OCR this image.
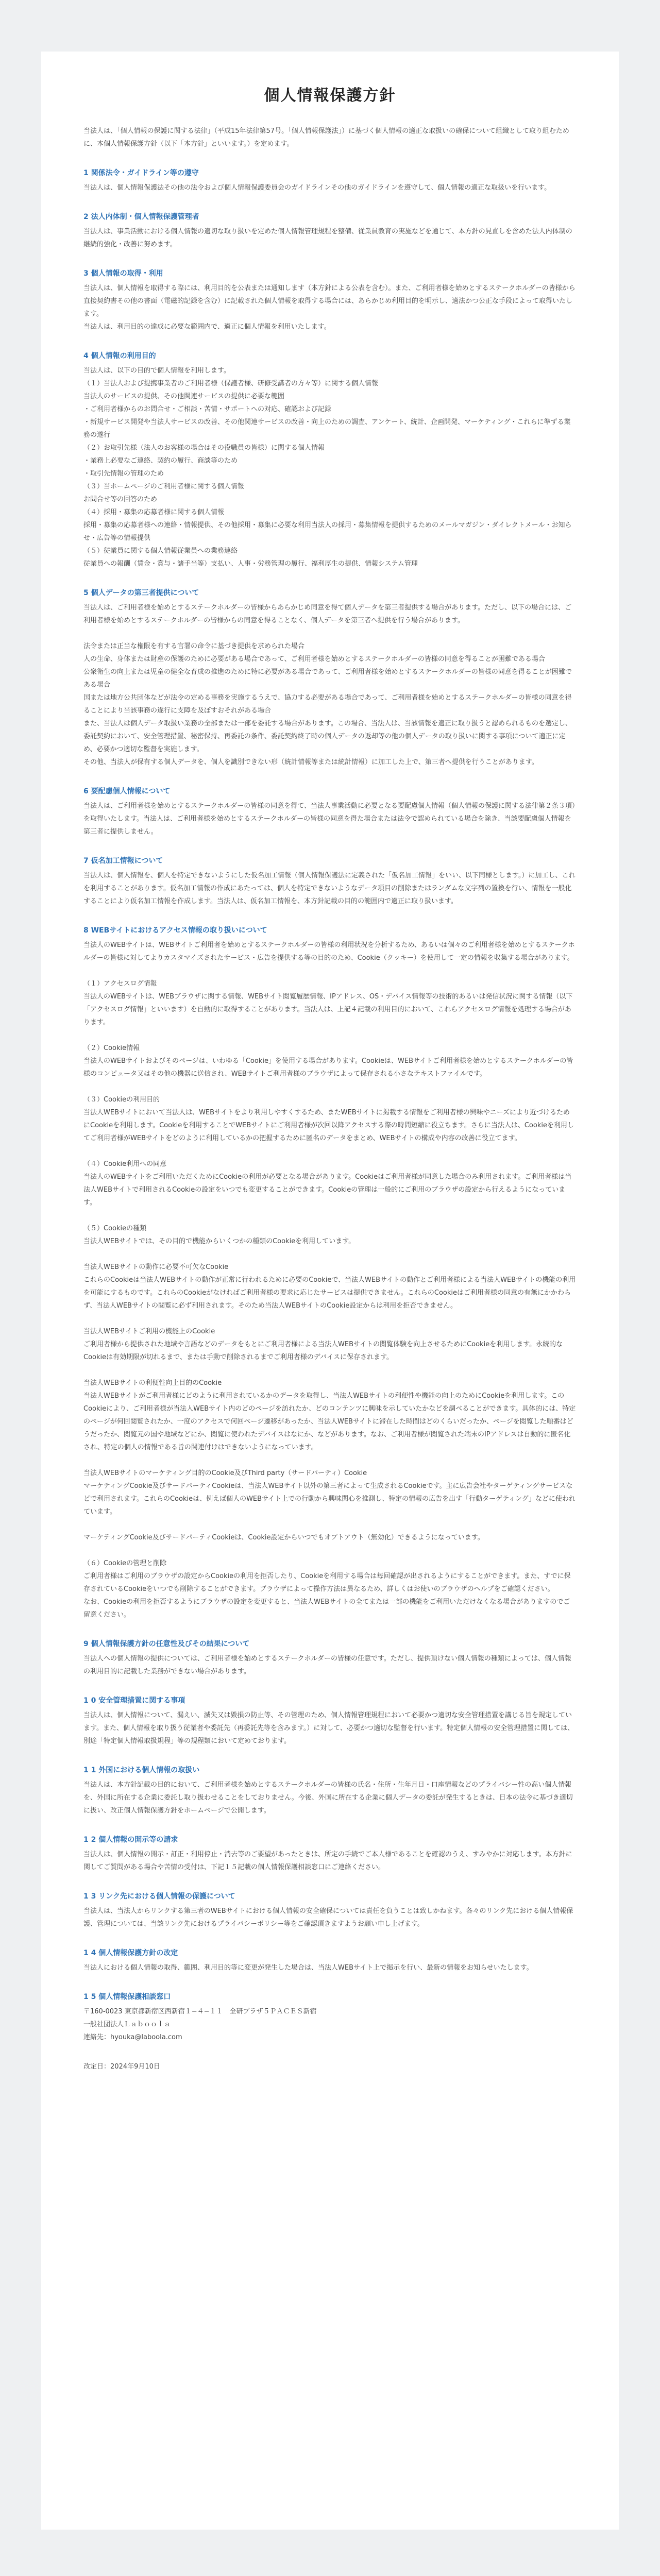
個人情報保護方針

当法人は、「個人情報の保護に関する法律」（平成15年法律第57号。「個人情報保護法」）に基づく個人情報の適正な取扱いの確保について組織として取り組むために、本個人情報保護方針（以下「本方針」といいます。）を定めます。

1 関係法令・ガイドライン等の遵守

当法人は、個人情報保護法その他の法令および個人情報保護委員会のガイドラインその他のガイドラインを遵守して、個人情報の適正な取扱いを行います。

2 法人内体制・個人情報保護管理者

当法人は、事業活動における個人情報の適切な取り扱いを定めた個人情報管理規程を整備、従業員教育の実施などを通じて、本方針の見直しを含めた法人内体制の継続的強化・改善に努めます。

3 個人情報の取得・利用

当法人は、個人情報を取得する際には、利用目的を公表または通知します（本方針による公表を含む）。また、ご利用者様を始めとするステークホルダーの皆様から直接契約書その他の書面（電磁的記録を含む）に記載された個人情報を取得する場合には、あらかじめ利用目的を明示し、適法かつ公正な手段によって取得いたします。

当法人は、利用目的の達成に必要な範囲内で、適正に個人情報を利用いたします。

4 個人情報の利用目的

当法人は、以下の目的で個人情報を利用します。

（１）当法人および提携事業者のご利用者様（保護者様、研修受講者の方々等）に関する個人情報

当法人のサービスの提供、その他関連サービスの提供に必要な範囲

・ご利用者様からのお問合せ・ご相談・苦情・サポートへの対応、確認および記録

・新規サービス開発や当法人サービスの改善、その他関連サービスの改善・向上のための調査、アンケート、統計、企画開発、マーケティング・これらに準ずる業務の遂行

（２）お取引先様（法人のお客様の場合はその役職員の皆様）に関する個人情報

・業務上必要なご連絡、契約の履行、商談等のため

・取引先情報の管理のため

（３）当ホームページのご利用者様に関する個人情報

お問合せ等の回答のため

（４）採用・募集の応募者様に関する個人情報

採用・募集の応募者様への連絡・情報提供、その他採用・募集に必要な利用当法人の採用・募集情報を提供するためのメールマガジン・ダイレクトメール・お知らせ・広告等の情報提供

（５）従業員に関する個人情報従業員への業務連絡

従業員への報酬（賃金・賞与・諸手当等）支払い、人事・労務管理の履行、福利厚生の提供、情報システム管理

5 個人データの第三者提供について

当法人は、ご利用者様を始めとするステークホルダーの皆様からあらかじめ同意を得て個人データを第三者提供する場合があります。ただし、以下の場合には、ご利用者様を始めとするステークホルダーの皆様からの同意を得ることなく、個人データを第三者へ提供を行う場合があります。

法令または正当な権限を有する官署の命令に基づき提供を求められた場合

人の生命、身体または財産の保護のために必要がある場合であって、ご利用者様を始めとするステークホルダーの皆様の同意を得ることが困難である場合

公衆衛生の向上または児童の健全な育成の推進のために特に必要がある場合であって、ご利用者様を始めとするステークホルダーの皆様の同意を得ることが困難である場合

国または地方公共団体などが法令の定める事務を実施するうえで、協力する必要がある場合であって、ご利用者様を始めとするステークホルダーの皆様の同意を得ることにより当該事務の遂行に支障を及ぼすおそれがある場合

また、当法人は個人データ取扱い業務の全部または一部を委託する場合があります。この場合、当法人は、当該情報を適正に取り扱うと認められるものを選定し、委託契約において、安全管理措置、秘密保持、再委託の条件、委託契約終了時の個人データの返却等の他の個人データの取り扱いに関する事項について適正に定め、必要かつ適切な監督を実施します。

その他、当法人が保有する個人データを、個人を識別できない形（統計情報等または統計情報）に加工した上で、第三者へ提供を行うことがあります。

6 要配慮個人情報について

当法人は、ご利用者様を始めとするステークホルダーの皆様の同意を得て、当法人事業活動に必要となる要配慮個人情報（個人情報の保護に関する法律第２条３項）を取得いたします。当法人は、ご利用者様を始めとするステークホルダーの皆様の同意を得た場合または法令で認められている場合を除き、当該要配慮個人情報を第三者に提供しません。

7 仮名加工情報について

当法人は、個人情報を、個人を特定できないようにした仮名加工情報（個人情報保護法に定義された「仮名加工情報」をいい、以下同様とします。）に加工し、これを利用することがあります。仮名加工情報の作成にあたっては、個人を特定できないようなデータ項目の削除またはランダムな文字列の置換を行い、情報を一般化することにより仮名加工情報を作成します。当法人は、仮名加工情報を、本方針記載の目的の範囲内で適正に取り扱います。

8 WEBサイトにおけるアクセス情報の取り扱いについて

当法人のWEBサイトは、WEBサイトご利用者を始めとするステークホルダーの皆様の利用状況を分析するため、あるいは個々のご利用者様を始めとするステークホルダーの皆様に対してよりカスタマイズされたサービス・広告を提供する等の目的のため、Cookie（クッキー）を使用して一定の情報を収集する場合があります。

（１）アクセスログ情報

当法人のWEBサイトは、WEBブラウザに関する情報、WEBサイト閲覧履歴情報、IPアドレス、OS・デバイス情報等の技術的あるいは発信状況に関する情報（以下「アクセスログ情報」といいます）を自動的に取得することがあります。当法人は、上記４記載の利用目的において、これらアクセスログ情報を処理する場合があります。

（２）Cookie情報

当法人のWEBサイトおよびそのページは、いわゆる「Cookie」を使用する場合があります。Cookieは、WEBサイトご利用者様を始めとするステークホルダーの皆様のコンピュータ又はその他の機器に送信され、WEBサイトご利用者様のブラウザによって保存される小さなテキストファイルです。

（３）Cookieの利用目的

当法人WEBサイトにおいて当法人は、WEBサイトをより利用しやすくするため、またWEBサイトに掲載する情報をご利用者様の興味やニーズにより近づけるためにCookieを利用します。Cookieを利用することでWEBサイトにご利用者様が次回以降アクセスする際の時間短縮に役立ちます。さらに当法人は、Cookieを利用してご利用者様がWEBサイトをどのように利用しているかの把握するために匿名のデータをまとめ、WEBサイトの構成や内容の改善に役立てます。

（４）Cookie利用への同意

当法人のWEBサイトをご利用いただくためにCookieの利用が必要となる場合があります。Cookieはご利用者様が同意した場合のみ利用されます。ご利用者様は当法人WEBサイトで利用されるCookieの設定をいつでも変更することができます。Cookieの管理は一般的にご利用のブラウザの設定から行えるようになっています。

（５）Cookieの種類

当法人WEBサイトでは、その目的で機能からいくつかの種類のCookieを利用しています。

当法人WEBサイトの動作に必要不可欠なCookie

これらのCookieは当法人WEBサイトの動作が正常に行われるために必要のCookieで、当法人WEBサイトの動作とご利用者様による当法人WEBサイトの機能の利用を可能にするものです。これらのCookieがなければご利用者様の要求に応じたサービスは提供できません。これらのCookieはご利用者様の同意の有無にかかわらず、当法人WEBサイトの閲覧に必ず利用されます。そのため当法人WEBサイトのCookie設定からは利用を拒否できません。

当法人WEBサイトご利用の機能上のCookie

ご利用者様から提供された地域や言語などのデータをもとにご利用者様による当法人WEBサイトの閲覧体験を向上させるためにCookieを利用します。永続的なCookieは有効期限が切れるまで、または手動で削除されるまでご利用者様のデバイスに保存されます。

当法人WEBサイトの利便性向上目的のCookie

当法人WEBサイトがご利用者様にどのように利用されているかのデータを取得し、当法人WEBサイトの利便性や機能の向上のためにCookieを利用します。このCookieにより、ご利用者様が当法人WEBサイト内のどのページを訪れたか、どのコンテンツに興味を示していたかなどを調べることができます。具体的には、特定のページが何回閲覧されたか、一度のアクセスで何回ページ遷移があったか、当法人WEBサイトに滞在した時間はどのくらいだったか、ページを閲覧した順番はどうだったか、閲覧元の国や地域などにか、閲覧に使われたデバイスはなにか、などがあります。なお、ご利用者様が閲覧された端末のIPアドレスは自動的に匿名化され、特定の個人の情報である旨の関連付けはできないようになっています。

当法人WEBサイトのマーケティング目的のCookie及びThird party（サードパーティ）Cookie

マーケティングCookie及びサードパーティCookieは、当法人WEBサイト以外の第三者によって生成されるCookieです。主に広告会社やターゲティングサービスなどで利用されます。これらのCookieは、例えば個人のWEBサイト上での行動から興味関心を推測し、特定の情報の広告を出す「行動ターゲティング」などに使われています。

マーケティングCookie及びサードパーティCookieは、Cookie設定からいつでもオプトアウト（無効化）できるようになっています。

（６）Cookieの管理と削除

ご利用者様はご利用のブラウザの設定からCookieの利用を拒否したり、Cookieを利用する場合は毎回確認が出されるようにすることができます。また、すでに保存されているCookieをいつでも削除することができます。ブラウザによって操作方法は異なるため、詳しくはお使いのブラウザのヘルプをご確認ください。

なお、Cookieの利用を拒否するようにブラウザの設定を変更すると、当法人WEBサイトの全てまたは一部の機能をご利用いただけなくなる場合がありますのでご留意ください。

9 個人情報保護方針の任意性及びその結果について

当法人への個人情報の提供については、ご利用者様を始めとするステークホルダーの皆様の任意です。ただし、提供頂けない個人情報の種類によっては、個人情報の利用目的に記載した業務ができない場合があります。

1 0 安全管理措置に関する事項

当法人は、個人情報について、漏えい、滅失又は毀損の防止等、その管理のため、個人情報管理規程において必要かつ適切な安全管理措置を講じる旨を規定しています。また、個人情報を取り扱う従業者や委託先（再委託先等を含みます。）に対して、必要かつ適切な監督を行います。特定個人情報の安全管理措置に関しては、別途「特定個人情報取扱規程」等の規程類において定めております。

1 1 外国における個人情報の取扱い

当法人は、本方針記載の目的において、ご利用者様を始めとするステークホルダーの皆様の氏名・住所・生年月日・口座情報などのプライバシー性の高い個人情報を、外国に所在する企業に委託し取り扱わせることをしておりません。今後、外国に所在する企業に個人データの委託が発生するときは、日本の法令に基づき適切に扱い、改正個人情報保護方針をホームページで公開します。

1 2 個人情報の開示等の請求

当法人は、個人情報の開示・訂正・利用停止・消去等のご要望があったときは、所定の手続でご本人様であることを確認のうえ、すみやかに対応します。本方針に関してご質問がある場合や苦情の受付は、下記１５記載の個人情報保護相談窓口にご連絡ください。

1 3 リンク先における個人情報の保護について

当法人は、当法人からリンクする第三者のWEBサイトにおける個人情報の安全確保については責任を負うことは致しかねます。各々のリンク先における個人情報保護、管理については、当該リンク先におけるプライバシーポリシー等をご確認頂きますようお願い申し上げます。

1 4 個人情報保護方針の改定

当法人における個人情報の取得、範囲、利用目的等に変更が発生した場合は、当法人WEBサイト上で掲示を行い、最新の情報をお知らせいたします。

1 5 個人情報保護相談窓口

〒160-0023 東京都新宿区西新宿１−４−１１　全研プラザ５ＰＡＣＥＳ新宿

一般社団法人Ｌａｂｏｏｌａ

連絡先：hyouka@laboola.com

改定日：2024年9月10日
